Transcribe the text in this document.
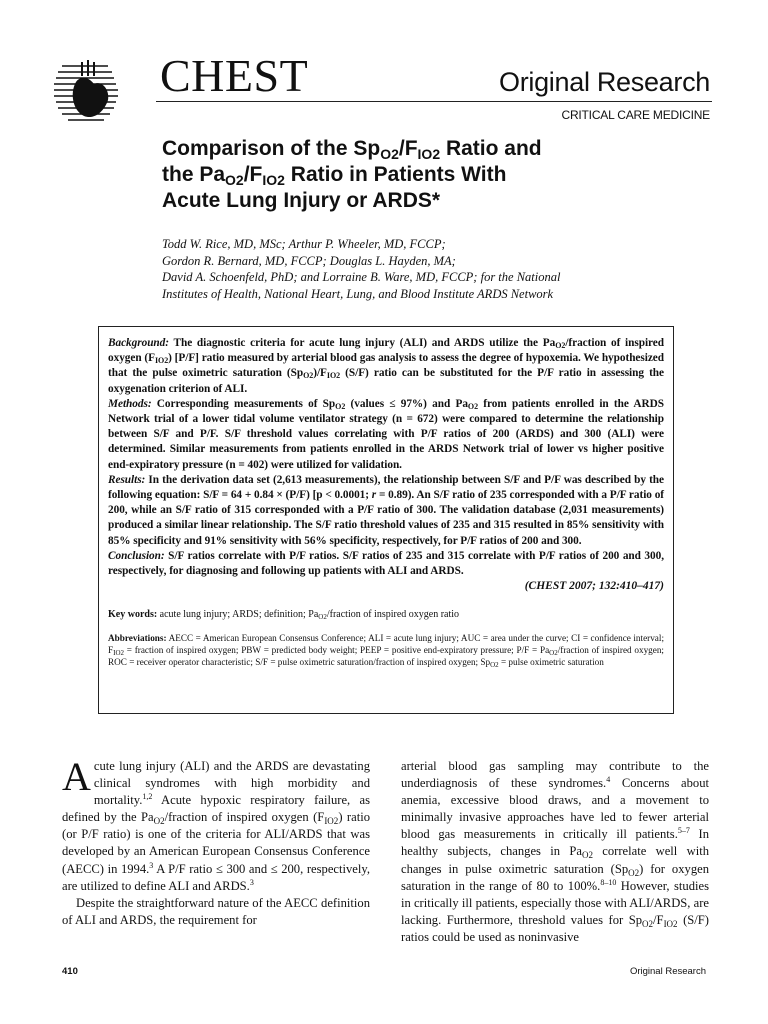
CHEST	Original Research
CRITICAL CARE MEDICINE
Comparison of the $Sp_{O2}/F_{IO2}$ Ratio and
the $Pa_{O2}/F_{IO2}$ Ratio in Patients With
Acute Lung Injury or ARDS*
Todd W. Rice, MD, MSc; Arthur P. Wheeler, MD, FCCP;
Gordon R. Bernard, MD, FCCP; Douglas L. Hayden, MA;
David A. Schoenfeld, PhD; and Lorraine B. Ware, MD, FCCP; for the National
Institutes of Health, National Heart, Lung, and Blood Institute ARDS Network
Background: The diagnostic criteria for acute lung injury (ALI) and ARDS utilize the $Pa_{O2}$/fraction of inspired oxygen $(F_{IO2})$ [P/F] ratio measured by arterial blood gas analysis to assess the degree of hypoxemia. We hypothesized that the pulse oximetric saturation $(Sp_{O2})/F_{IO2}$ (S/F) ratio can be substituted for the P/F ratio in assessing the oxygenation criterion of ALI.
Methods: Corresponding measurements of $Sp_{O2}$ (values ≤ 97%) and $Pa_{O2}$ from patients enrolled in the ARDS Network trial of a lower tidal volume ventilator strategy (n = 672) were compared to determine the relationship between S/F and P/F. S/F threshold values correlating with P/F ratios of 200 (ARDS) and 300 (ALI) were determined. Similar measurements from patients enrolled in the ARDS Network trial of lower vs higher positive end-expiratory pressure (n = 402) were utilized for validation.
Results: In the derivation data set (2,613 measurements), the relationship between S/F and P/F was described by the following equation: S/F = 64 + 0.84 × (P/F) [p < 0.0001; r = 0.89). An S/F ratio of 235 corresponded with a P/F ratio of 200, while an S/F ratio of 315 corresponded with a P/F ratio of 300. The validation database (2,031 measurements) produced a similar linear relationship. The S/F ratio threshold values of 235 and 315 resulted in 85% sensitivity with 85% specificity and 91% sensitivity with 56% specificity, respectively, for P/F ratios of 200 and 300.
Conclusion: S/F ratios correlate with P/F ratios. S/F ratios of 235 and 315 correlate with P/F ratios of 200 and 300, respectively, for diagnosing and following up patients with ALI and ARDS.
(CHEST 2007; 132:410–417)
Key words: acute lung injury; ARDS; definition; $Pa_{O2}$/fraction of inspired oxygen ratio
Abbreviations: AECC = American European Consensus Conference; ALI = acute lung injury; AUC = area under the curve; CI = confidence interval; $F_{IO2}$ = fraction of inspired oxygen; PBW = predicted body weight; PEEP = positive end-expiratory pressure; $P/F = Pa_{O2}$/fraction of inspired oxygen; ROC = receiver operator characteristic; S/F = pulse oximetric saturation/fraction of inspired oxygen; $Sp_{O2}$ = pulse oximetric saturation

Acute lung injury (ALI) and the ARDS are devastating clinical syndromes with high morbidity and mortality.$^{1,2}$ Acute hypoxic respiratory failure, as defined by the $Pa_{O2}$/fraction of inspired oxygen $(F_{IO2})$ ratio (or P/F ratio) is one of the criteria for ALI/ARDS that was developed by an American European Consensus Conference (AECC) in 1994.$^3$ A P/F ratio ≤ 300 and ≤ 200, respectively, are utilized to define ALI and ARDS.$^3$

Despite the straightforward nature of the AECC definition of ALI and ARDS, the requirement for

arterial blood gas sampling may contribute to the underdiagnosis of these syndromes.$^4$ Concerns about anemia, excessive blood draws, and a movement to minimally invasive approaches have led to fewer arterial blood gas measurements in critically ill patients.$^{5-7}$ In healthy subjects, changes in $Pa_{O2}$ correlate well with changes in pulse oximetric saturation $(Sp_{O2})$ for oxygen saturation in the range of 80 to 100%.$^{8-10}$ However, studies in critically ill patients, especially those with ALI/ARDS, are lacking. Furthermore, threshold values for $Sp_{O2}/F_{IO2}$ (S/F) ratios could be used as noninvasive

410	Original Research
